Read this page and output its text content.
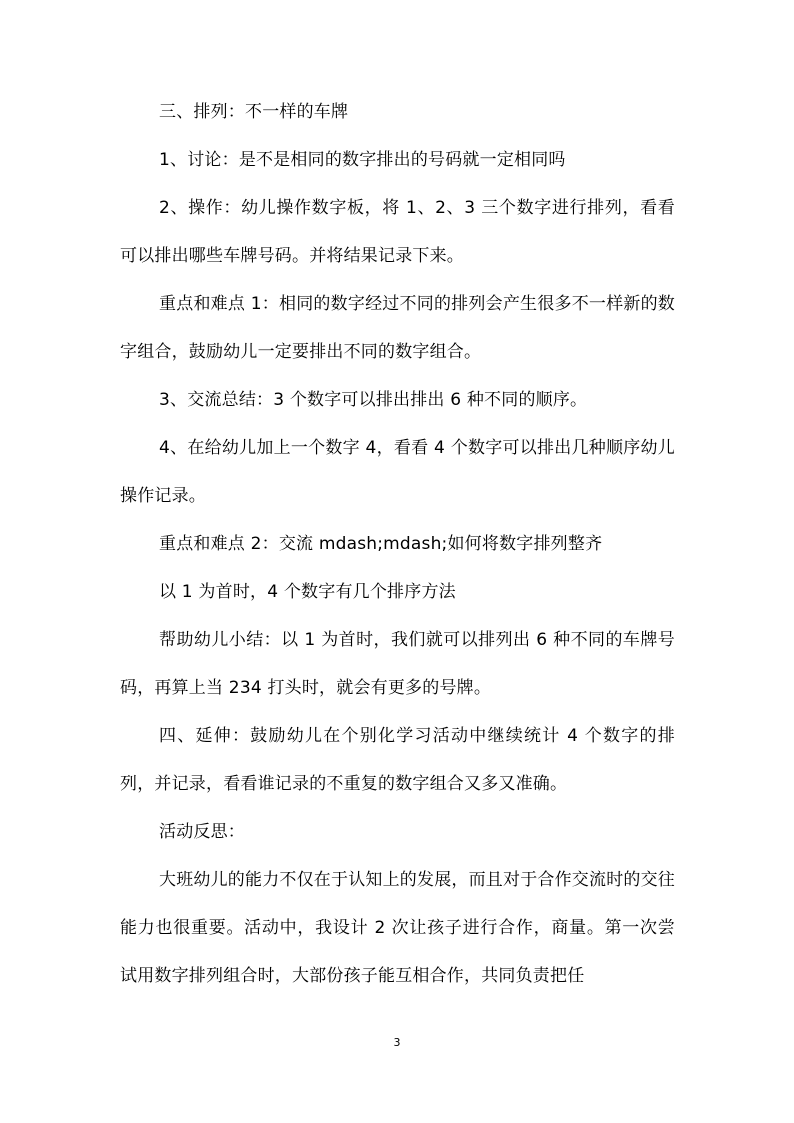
三、排列：不一样的车牌

1、讨论：是不是相同的数字排出的号码就一定相同吗

2、操作：幼儿操作数字板，将 1、2、3 三个数字进行排列，看看可以排出哪些车牌号码。并将结果记录下来。

重点和难点 1：相同的数字经过不同的排列会产生很多不一样新的数字组合，鼓励幼儿一定要排出不同的数字组合。

3、交流总结：3 个数字可以排出排出 6 种不同的顺序。

4、在给幼儿加上一个数字 4，看看 4 个数字可以排出几种顺序幼儿操作记录。

重点和难点 2：交流 mdash;mdash;如何将数字排列整齐

以 1 为首时，4 个数字有几个排序方法

帮助幼儿小结：以 1 为首时，我们就可以排列出 6 种不同的车牌号码，再算上当 234 打头时，就会有更多的号牌。

四、延伸：鼓励幼儿在个别化学习活动中继续统计 4 个数字的排列，并记录，看看谁记录的不重复的数字组合又多又准确。

活动反思：

大班幼儿的能力不仅在于认知上的发展，而且对于合作交流时的交往能力也很重要。活动中，我设计 2 次让孩子进行合作，商量。第一次尝试用数字排列组合时，大部份孩子能互相合作，共同负责把任

3
